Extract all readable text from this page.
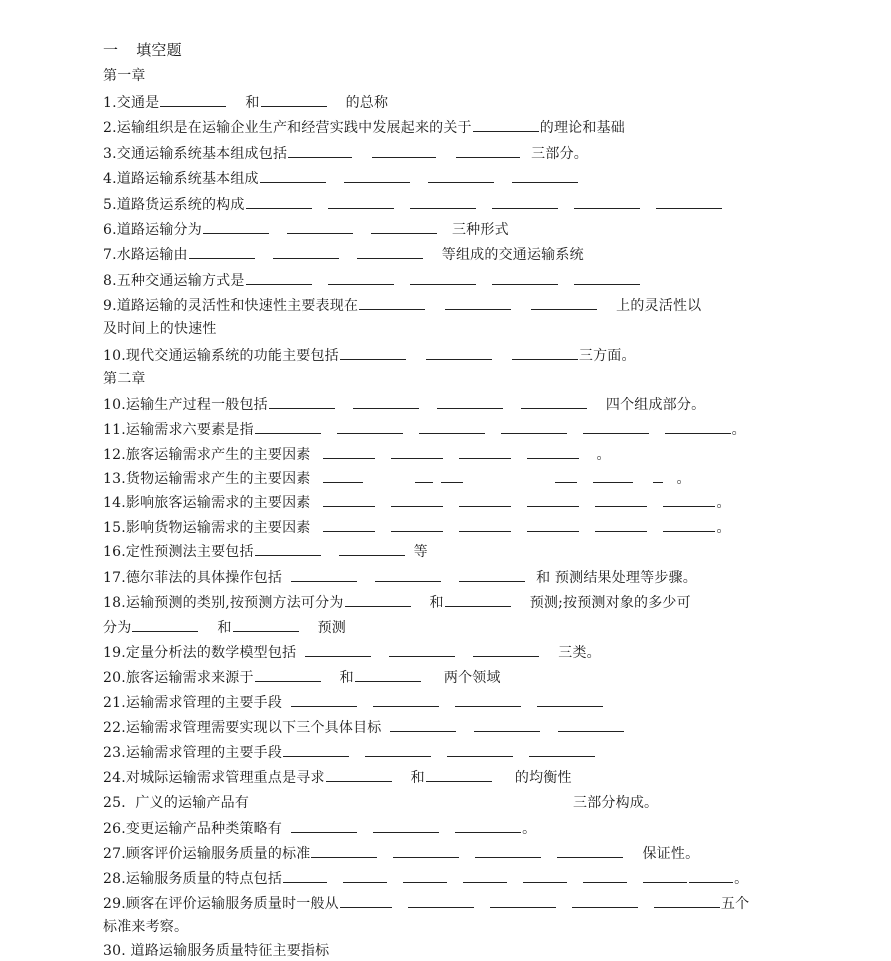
一 填空题
第一章
1.交通是	和	的总称
2.运输组织是在运输企业生产和经营实践中发展起来的关于	的理论和基础
3.交通运输系统基本组成包括	三部分。
4.道路运输系统基本组成
5.道路货运系统的构成
6.道路运输分为	三种形式
7.水路运输由	等组成的交通运输系统
8.五种交通运输方式是
9.道路运输的灵活性和快速性主要表现在	上的灵活性以
及时间上的快速性
10.现代交通运输系统的功能主要包括	三方面。
第二章
10.运输生产过程一般包括	四个组成部分。
11.运输需求六要素是指	。
12.旅客运输需求产生的主要因素	。
13.货物运输需求产生的主要因素	。
14.影响旅客运输需求的主要因素	。
15.影响货物运输需求的主要因素	。
16.定性预测法主要包括	等
17.德尔菲法的具体操作包括	和 预测结果处理等步骤。
18.运输预测的类别,按预测方法可分为	和	预测;按预测对象的多少可
分为	和	预测
19.定量分析法的数学模型包括	三类。
20.旅客运输需求来源于	和	两个领域
21.运输需求管理的主要手段
22.运输需求管理需要实现以下三个具体目标
23.运输需求管理的主要手段
24.对城际运输需求管理重点是寻求	和	的均衡性
25．广义的运输产品有	三部分构成。
26.变更运输产品种类策略有	。
27.顾客评价运输服务质量的标准	保证性。
28.运输服务质量的特点包括	。
29.顾客在评价运输服务质量时一般从	五个
标准来考察。
30. 道路运输服务质量特征主要指标
